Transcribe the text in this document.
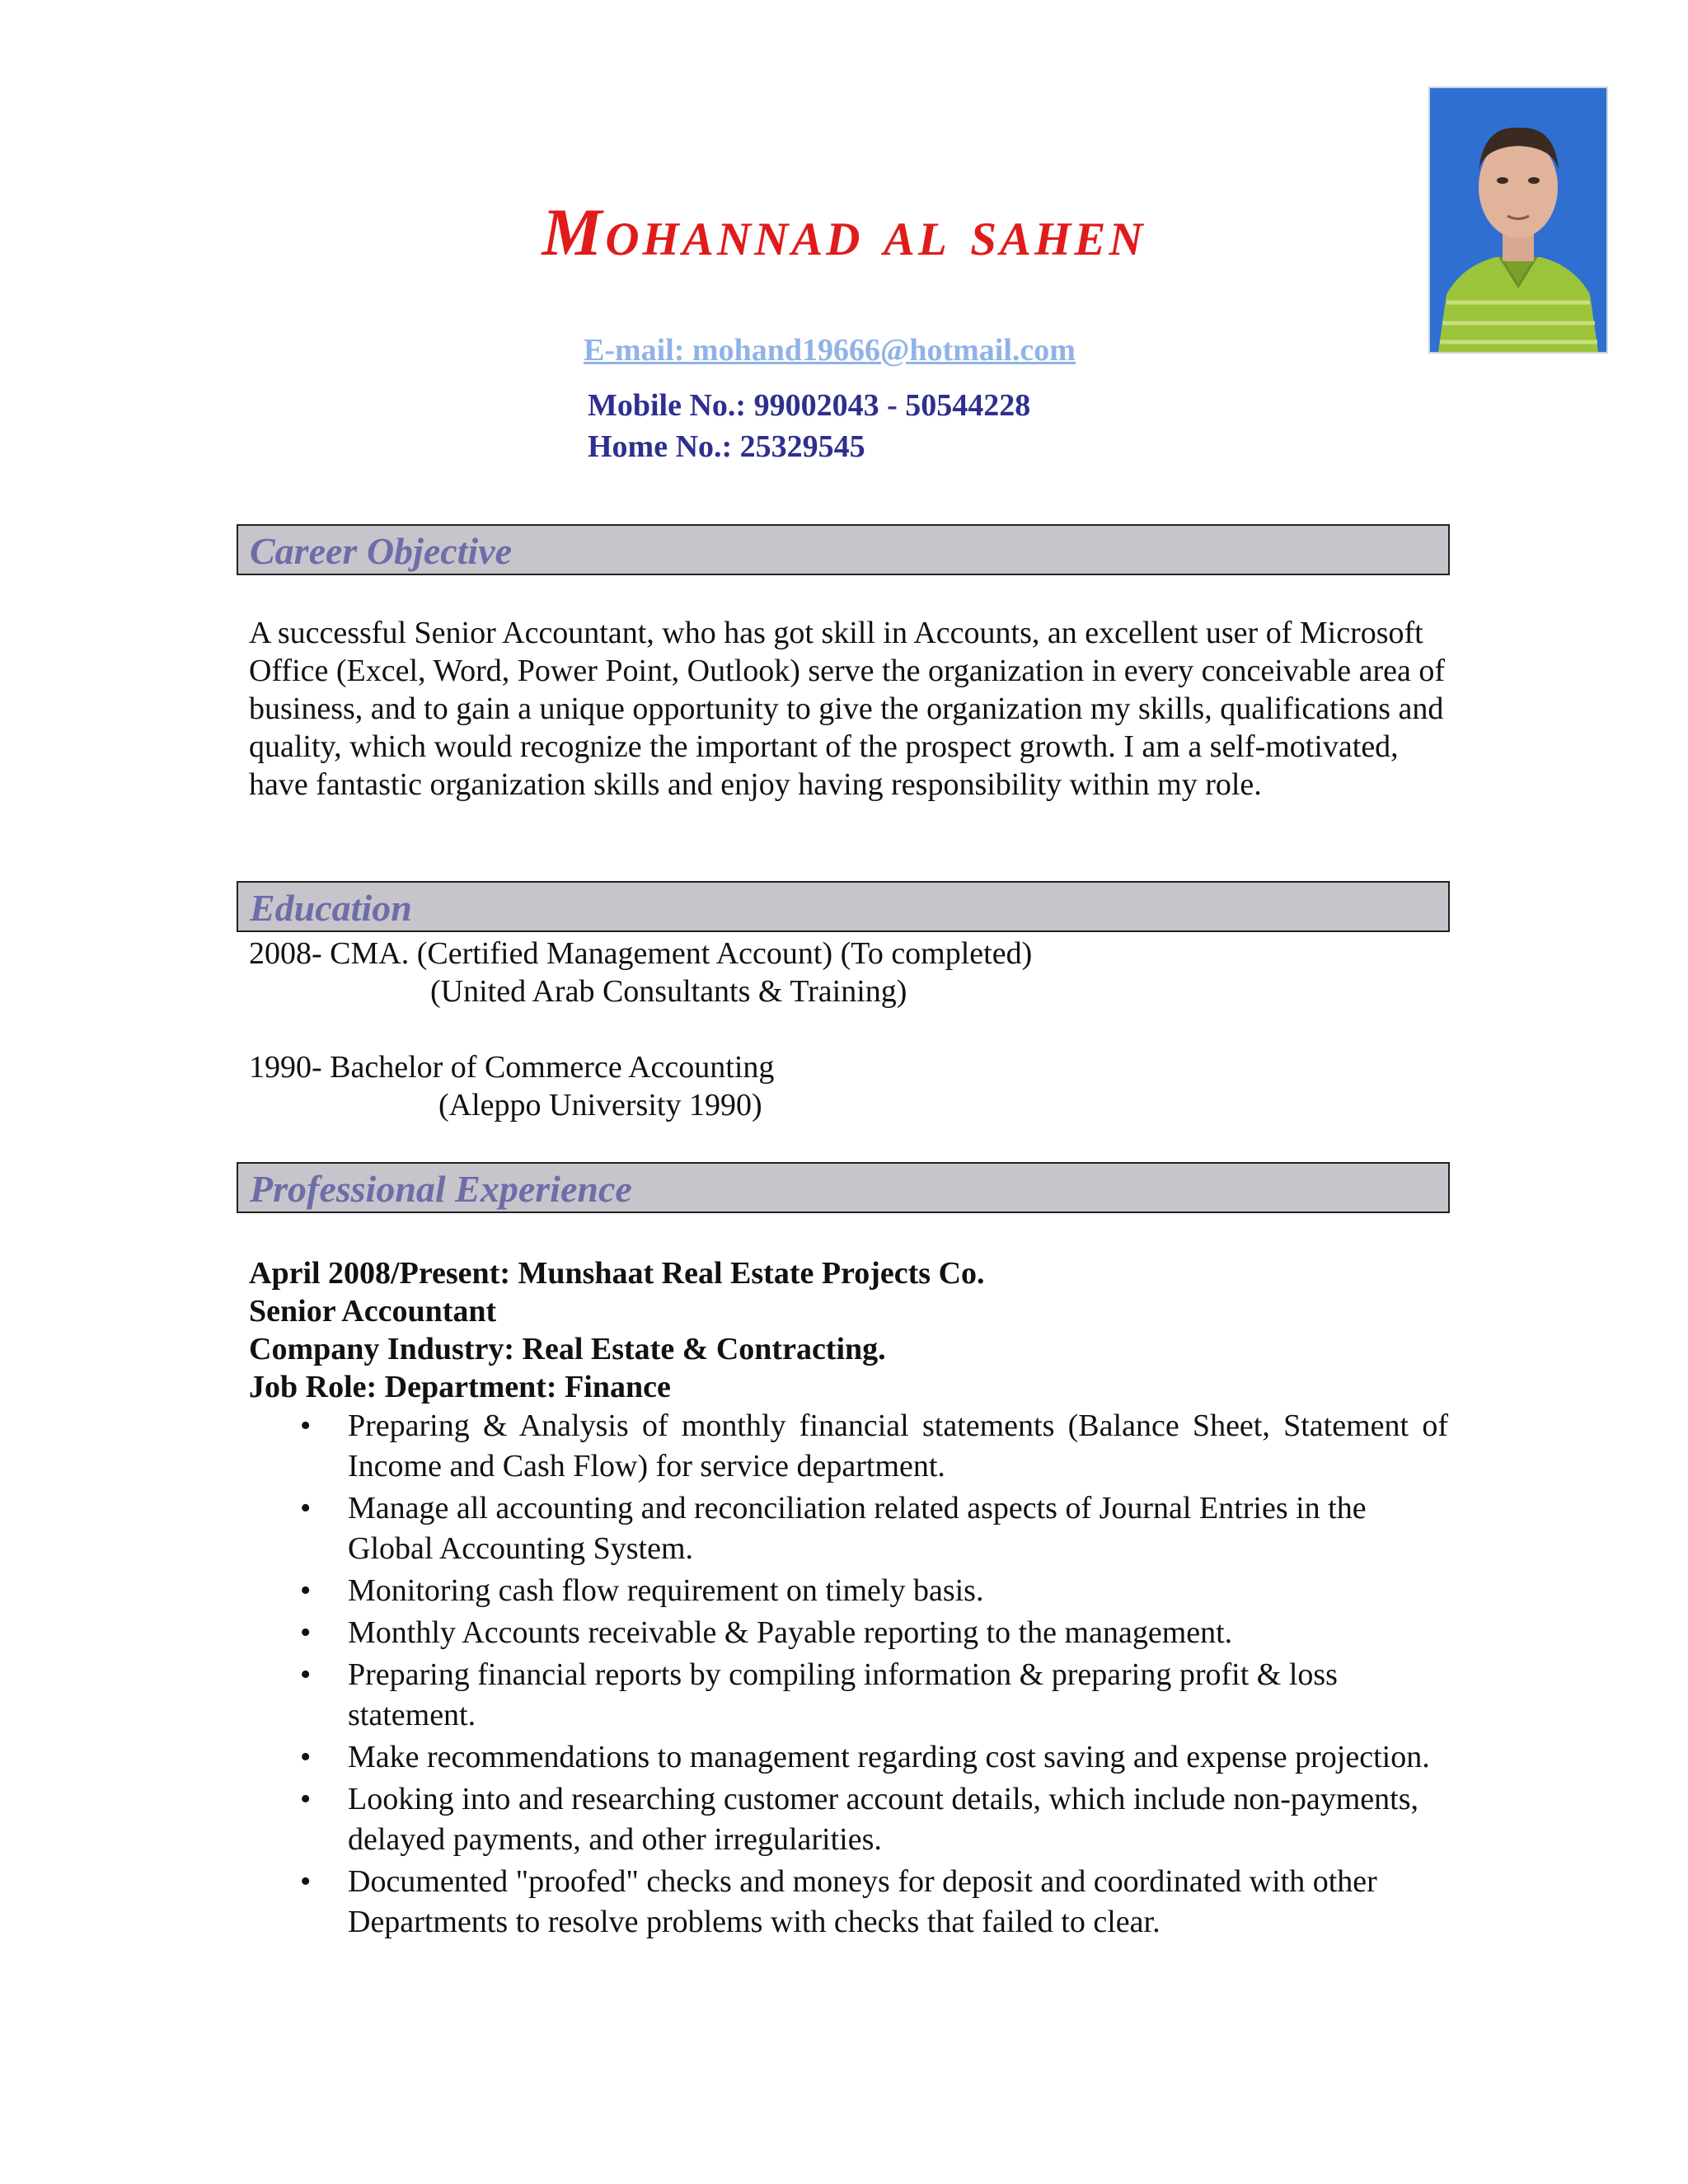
Mohannad al sahen
E-mail: mohand19666@hotmail.com
Mobile No.: 99002043 - 50544228
Home No.: 25329545
Career Objective

A successful Senior Accountant, who has got skill in Accounts, an excellent user of Microsoft Office (Excel, Word, Power Point, Outlook) serve the organization in every conceivable area of business, and to gain a unique opportunity to give the organization my skills, qualifications and quality, which would recognize the important of the prospect growth. I am a self-motivated, have fantastic organization skills and enjoy having responsibility within my role.

Education
2008- CMA. (Certified Management Account) (To completed)
(United Arab Consultants & Training)
1990- Bachelor of Commerce Accounting
(Aleppo University 1990)
Professional Experience
April 2008/Present: Munshaat Real Estate Projects Co.
Senior Accountant
Company Industry: Real Estate & Contracting.
Job Role: Department: Finance
• Preparing & Analysis of monthly financial statements (Balance Sheet, Statement of Income and Cash Flow) for service department.
• Manage all accounting and reconciliation related aspects of Journal Entries in the Global Accounting System.
• Monitoring cash flow requirement on timely basis.
• Monthly Accounts receivable & Payable reporting to the management.
• Preparing financial reports by compiling information & preparing profit & loss statement.
• Make recommendations to management regarding cost saving and expense projection.
• Looking into and researching customer account details, which include non-payments, delayed payments, and other irregularities.
• Documented "proofed" checks and moneys for deposit and coordinated with other Departments to resolve problems with checks that failed to clear.
